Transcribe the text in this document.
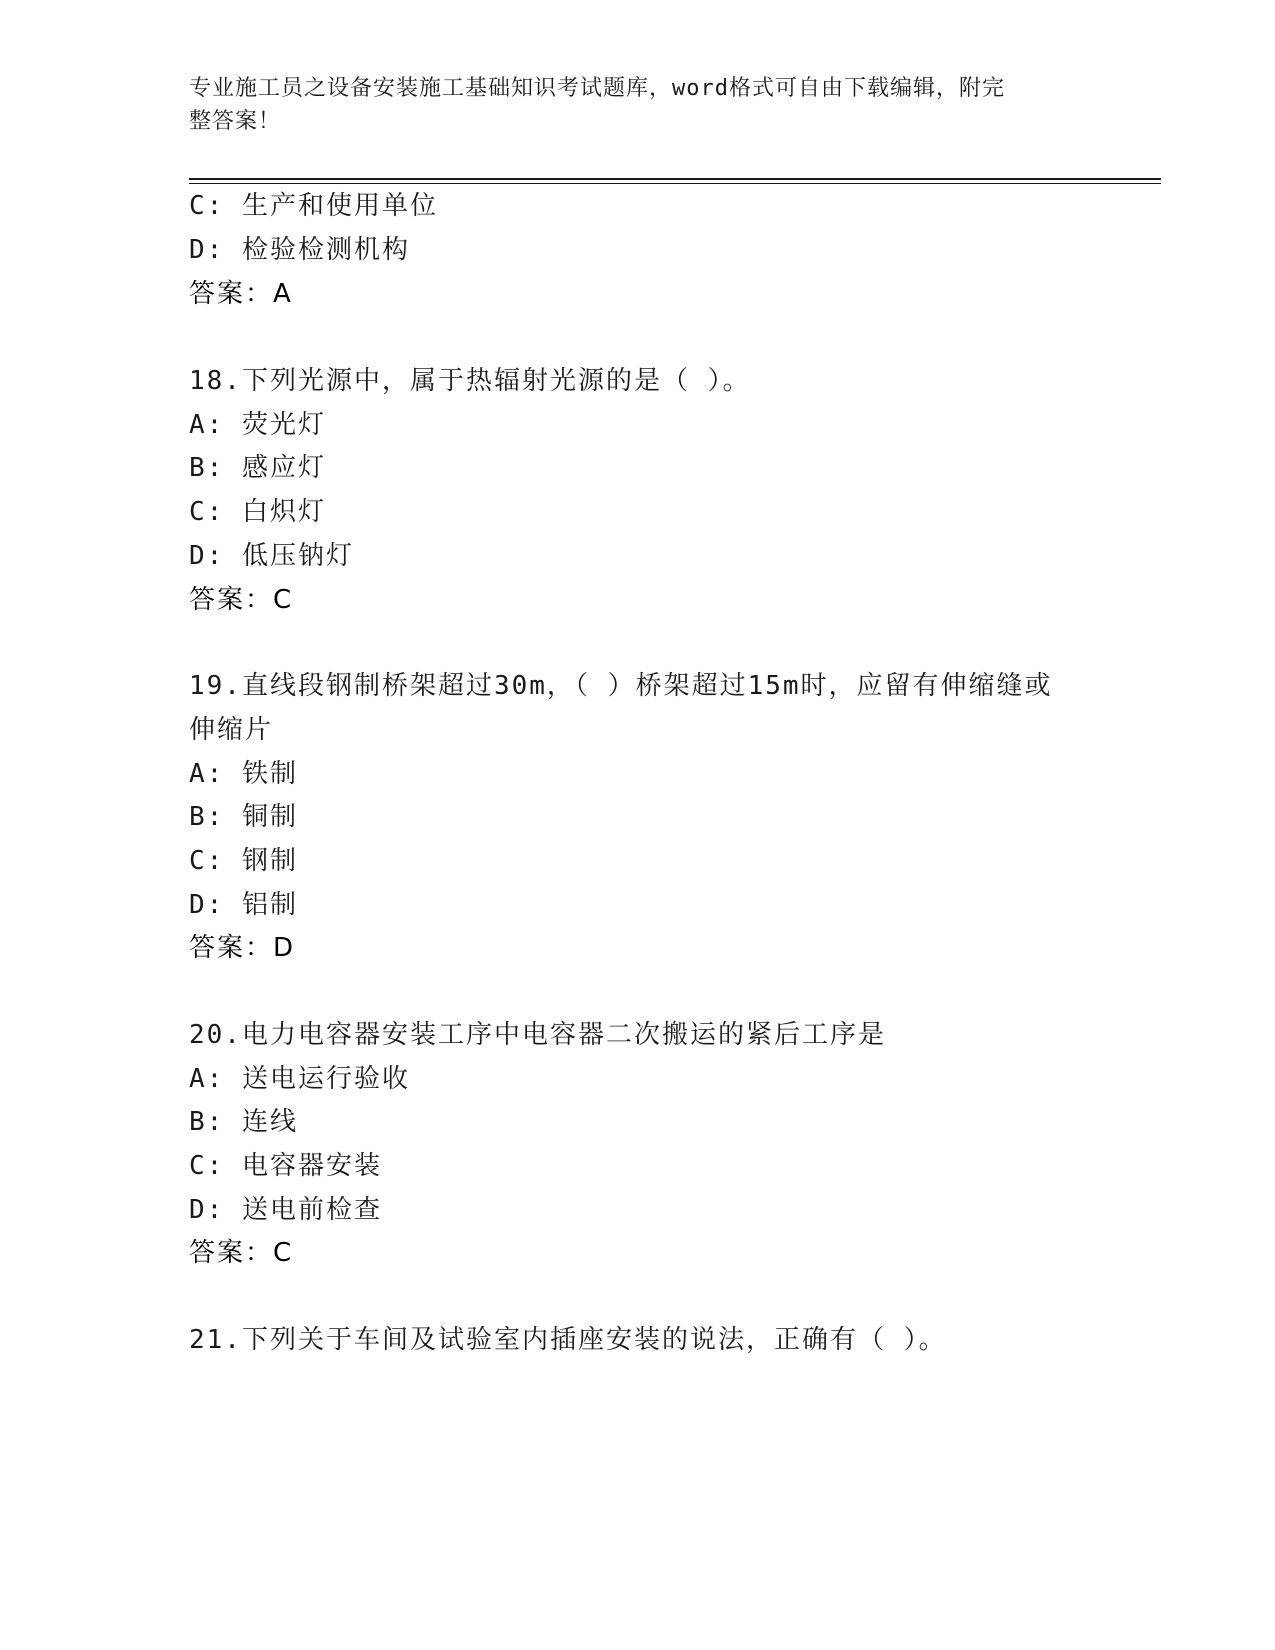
专业施工员之设备安装施工基础知识考试题库，word格式可自由下载编辑，附完
整答案！
C: 生产和使用单位
D: 检验检测机构
答案：A
18.下列光源中，属于热辐射光源的是（ ）。
A: 荧光灯
B: 感应灯
C: 白炽灯
D: 低压钠灯
答案：C
19.直线段钢制桥架超过30m，（ ）桥架超过15m时，应留有伸缩缝或
伸缩片
A: 铁制
B: 铜制
C: 钢制
D: 铝制
答案：D
20.电力电容器安装工序中电容器二次搬运的紧后工序是
A: 送电运行验收
B: 连线
C: 电容器安装
D: 送电前检查
答案：C
21.下列关于车间及试验室内插座安装的说法，正确有（ ）。
